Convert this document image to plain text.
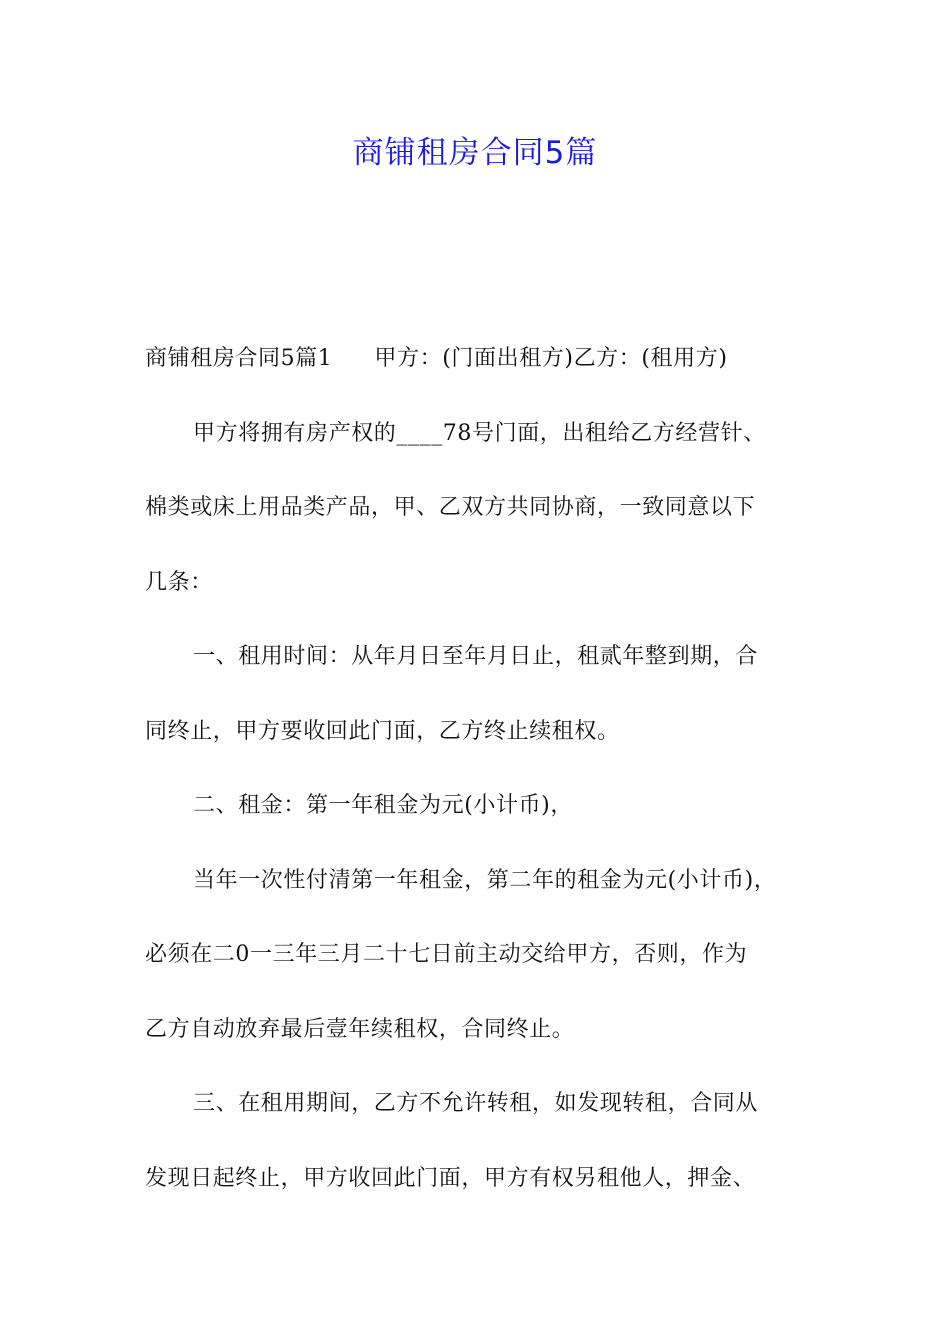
商铺租房合同5篇

商铺租房合同5篇1 甲方：(门面出租方)乙方：(租用方)

甲方将拥有房产权的____78号门面，出租给乙方经营针、

棉类或床上用品类产品，甲、乙双方共同协商，一致同意以下

几条：

一、租用时间：从年月日至年月日止，租贰年整到期，合

同终止，甲方要收回此门面，乙方终止续租权。

二、租金：第一年租金为元(小计币)，

当年一次性付清第一年租金，第二年的租金为元(小计币)，

必须在二0一三年三月二十七日前主动交给甲方，否则，作为

乙方自动放弃最后壹年续租权，合同终止。

三、在租用期间，乙方不允许转租，如发现转租，合同从

发现日起终止，甲方收回此门面，甲方有权另租他人，押金、
